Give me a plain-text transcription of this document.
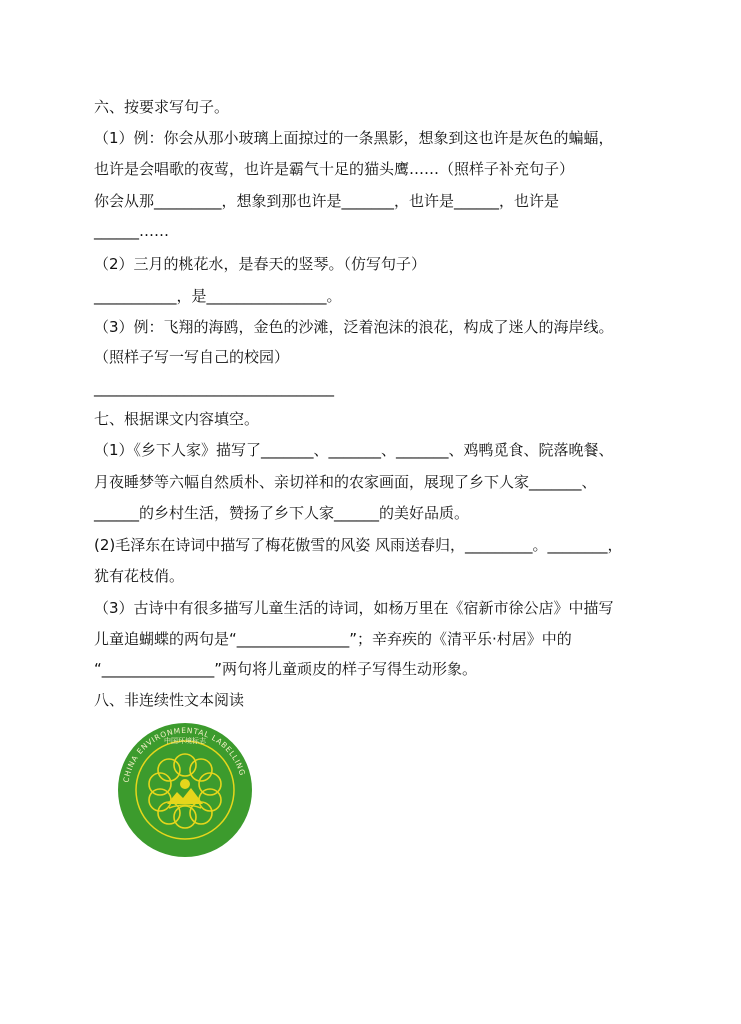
六、按要求写句子。
（1）例：你会从那小玻璃上面掠过的一条黑影，想象到这也许是灰色的蝙蝠，
也许是会唱歌的夜莺，也许是霸气十足的猫头鹰……（照样子补充句子）
你会从那_________，想象到那也许是_______，也许是______，也许是
______……
（2）三月的桃花水，是春天的竖琴。（仿写句子）
___________，是________________。
（3）例：飞翔的海鸥，金色的沙滩，泛着泡沫的浪花，构成了迷人的海岸线。
（照样子写一写自己的校园）
________________________________
七、根据课文内容填空。
（1）《乡下人家》描写了_______、_______、_______、鸡鸭觅食、院落晚餐、
月夜睡梦等六幅自然质朴、亲切祥和的农家画面，展现了乡下人家_______、
______的乡村生活，赞扬了乡下人家______的美好品质。
(2)毛泽东在诗词中描写了梅花傲雪的风姿 风雨送春归，_________。________，
犹有花枝俏。
（3）古诗中有很多描写儿童生活的诗词，如杨万里在《宿新市徐公店》中描写
儿童追蝴蝶的两句是“_______________”；辛弃疾的《清平乐·村居》中的
“_______________”两句将儿童顽皮的样子写得生动形象。
八、非连续性文本阅读
CHINA ENVIRONMENTAL LABELLING
中国环境标志
